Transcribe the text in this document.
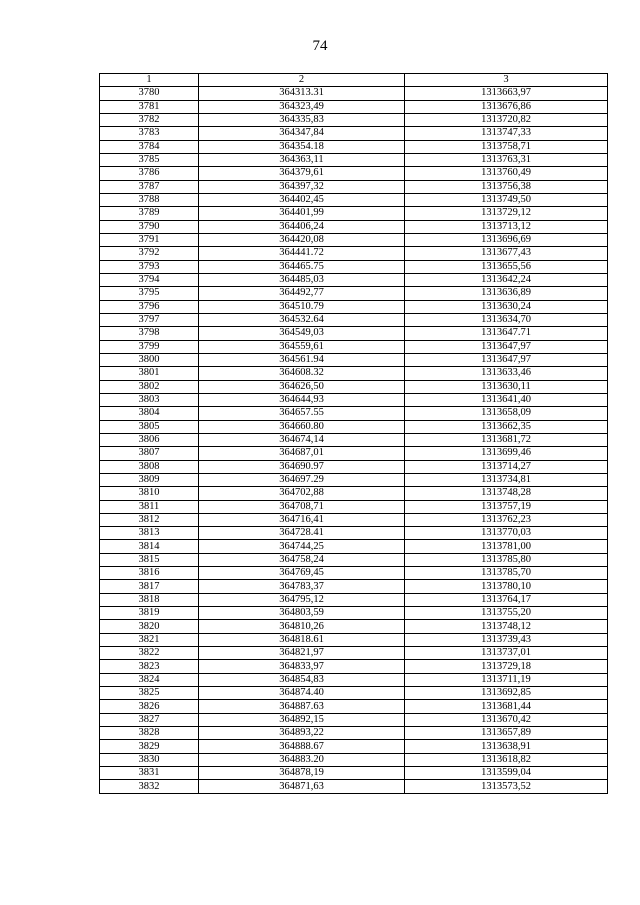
74
1	2	3
3780	364313.31	1313663,97
3781	364323,49	1313676,86
3782	364335,83	1313720,82
3783	364347,84	1313747,33
3784	364354.18	1313758,71
3785	364363,11	1313763,31
3786	364379,61	1313760,49
3787	364397,32	1313756,38
3788	364402,45	1313749,50
3789	364401,99	1313729,12
3790	364406,24	1313713,12
3791	364420,08	1313696,69
3792	364441.72	1313677,43
3793	364465.75	1313655,56
3794	364485,03	1313642,24
3795	364492,77	1313636,89
3796	364510.79	1313630,24
3797	364532.64	1313634,70
3798	364549,03	1313647.71
3799	364559,61	1313647,97
3800	364561.94	1313647,97
3801	364608.32	1313633,46
3802	364626,50	1313630,11
3803	364644,93	1313641,40
3804	364657.55	1313658,09
3805	364660.80	1313662,35
3806	364674,14	1313681,72
3807	364687,01	1313699,46
3808	364690.97	1313714,27
3809	364697.29	1313734,81
3810	364702,88	1313748,28
3811	364708,71	1313757,19
3812	364716,41	1313762,23
3813	364728.41	1313770,03
3814	364744,25	1313781,00
3815	364758,24	1313785,80
3816	364769,45	1313785,70
3817	364783,37	1313780,10
3818	364795,12	1313764,17
3819	364803,59	1313755,20
3820	364810,26	1313748,12
3821	364818.61	1313739,43
3822	364821,97	1313737,01
3823	364833,97	1313729,18
3824	364854,83	1313711,19
3825	364874.40	1313692,85
3826	364887.63	1313681,44
3827	364892,15	1313670,42
3828	364893,22	1313657,89
3829	364888.67	1313638,91
3830	364883.20	1313618,82
3831	364878,19	1313599,04
3832	364871,63	1313573,52
